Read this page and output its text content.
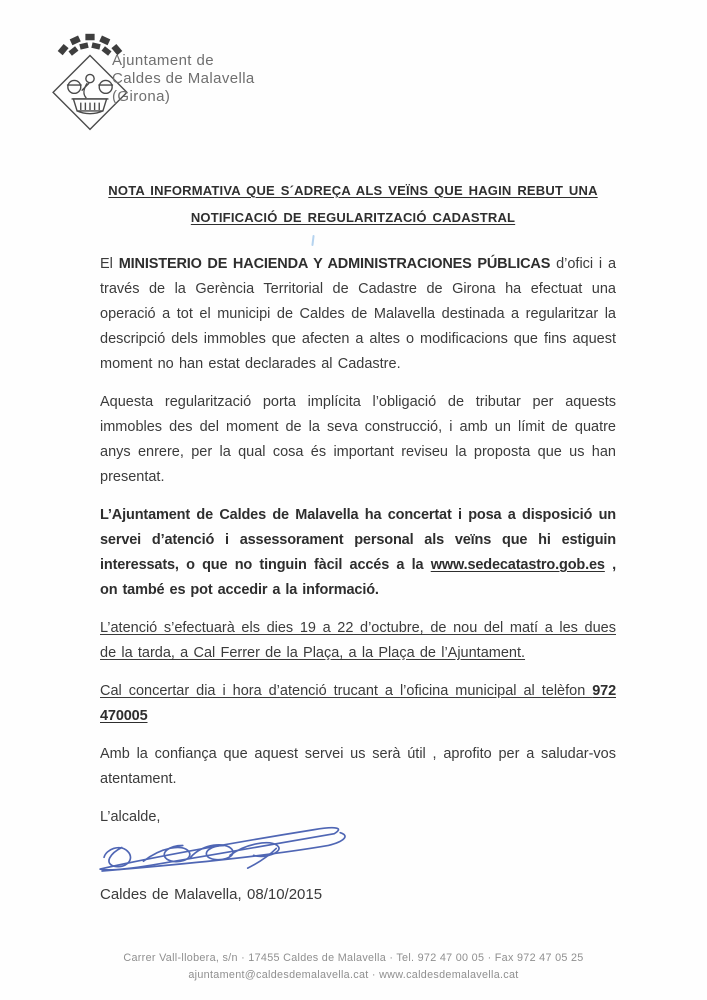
Ajuntament de
Caldes de Malavella
(Girona)
NOTA INFORMATIVA QUE S´ADREÇA ALS VEÏNS QUE HAGIN REBUT UNA
NOTIFICACIÓ DE REGULARITZACIÓ CADASTRAL

El MINISTERIO DE HACIENDA Y ADMINISTRACIONES PÚBLICAS d’ofici i a través de la Gerència Territorial de Cadastre de Girona ha efectuat una operació a tot el municipi de Caldes de Malavella destinada a regularitzar la descripció dels immobles que afecten a altes o modificacions que fins aquest moment no han estat declarades al Cadastre.

Aquesta regularització porta implícita l’obligació de tributar per aquests immobles des del moment de la seva construcció, i amb un límit de quatre anys enrere, per la qual cosa és important reviseu la proposta que us han presentat.

L’Ajuntament de Caldes de Malavella ha concertat i posa a disposició un servei d’atenció i assessorament personal als veïns que hi estiguin interessats, o que no tinguin fàcil accés a la www.sedecatastro.gob.es , on també es pot accedir a la informació.

L’atenció s’efectuarà els dies 19 a 22 d’octubre, de nou del matí a les dues de la tarda, a Cal Ferrer de la Plaça, a la Plaça de l’Ajuntament.

Cal concertar dia i hora d’atenció trucant a l’oficina municipal al telèfon 972 470005

Amb la confiança que aquest servei us serà útil , aprofito per a saludar-vos atentament.

L’alcalde,

Caldes de Malavella, 08/10/2015

Carrer Vall-llobera, s/n · 17455 Caldes de Malavella · Tel. 972 47 00 05 · Fax 972 47 05 25
ajuntament@caldesdemalavella.cat · www.caldesdemalavella.cat
